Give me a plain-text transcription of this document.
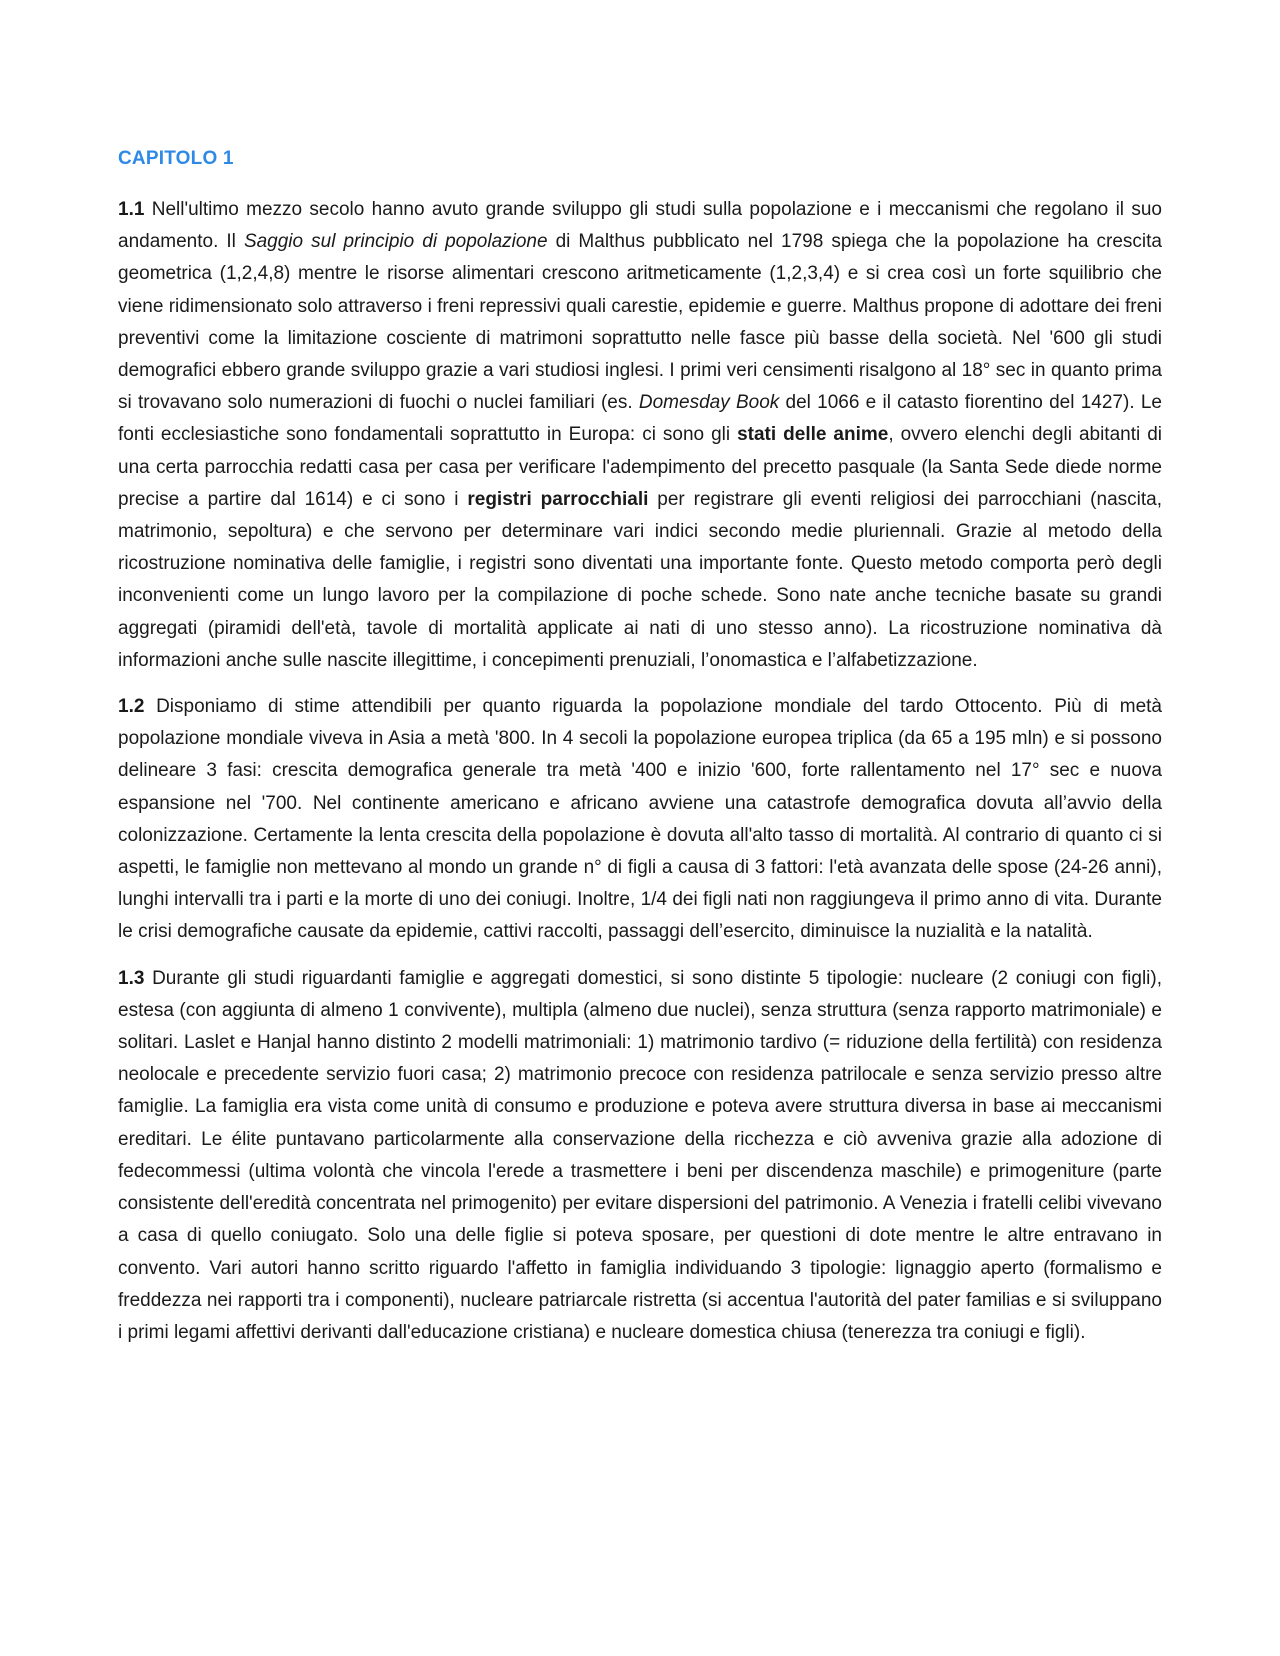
CAPITOLO 1

1.1 Nell'ultimo mezzo secolo hanno avuto grande sviluppo gli studi sulla popolazione e i meccanismi che regolano il suo andamento. Il Saggio sul principio di popolazione di Malthus pubblicato nel 1798 spiega che la popolazione ha crescita geometrica (1,2,4,8) mentre le risorse alimentari crescono aritmeticamente (1,2,3,4) e si crea così un forte squilibrio che viene ridimensionato solo attraverso i freni repressivi quali carestie, epidemie e guerre. Malthus propone di adottare dei freni preventivi come la limitazione cosciente di matrimoni soprattutto nelle fasce più basse della società. Nel '600 gli studi demografici ebbero grande sviluppo grazie a vari studiosi inglesi. I primi veri censimenti risalgono al 18° sec in quanto prima si trovavano solo numerazioni di fuochi o nuclei familiari (es. Domesday Book del 1066 e il catasto fiorentino del 1427). Le fonti ecclesiastiche sono fondamentali soprattutto in Europa: ci sono gli stati delle anime, ovvero elenchi degli abitanti di una certa parrocchia redatti casa per casa per verificare l'adempimento del precetto pasquale (la Santa Sede diede norme precise a partire dal 1614) e ci sono i registri parrocchiali per registrare gli eventi religiosi dei parrocchiani (nascita, matrimonio, sepoltura) e che servono per determinare vari indici secondo medie pluriennali. Grazie al metodo della ricostruzione nominativa delle famiglie, i registri sono diventati una importante fonte. Questo metodo comporta però degli inconvenienti come un lungo lavoro per la compilazione di poche schede. Sono nate anche tecniche basate su grandi aggregati (piramidi dell'età, tavole di mortalità applicate ai nati di uno stesso anno). La ricostruzione nominativa dà informazioni anche sulle nascite illegittime, i concepimenti prenuziali, l’onomastica e l’alfabetizzazione.

1.2 Disponiamo di stime attendibili per quanto riguarda la popolazione mondiale del tardo Ottocento. Più di metà popolazione mondiale viveva in Asia a metà '800. In 4 secoli la popolazione europea triplica (da 65 a 195 mln) e si possono delineare 3 fasi: crescita demografica generale tra metà '400 e inizio '600, forte rallentamento nel 17° sec e nuova espansione nel '700. Nel continente americano e africano avviene una catastrofe demografica dovuta all’avvio della colonizzazione. Certamente la lenta crescita della popolazione è dovuta all'alto tasso di mortalità. Al contrario di quanto ci si aspetti, le famiglie non mettevano al mondo un grande n° di figli a causa di 3 fattori: l'età avanzata delle spose (24-26 anni), lunghi intervalli tra i parti e la morte di uno dei coniugi. Inoltre, 1/4 dei figli nati non raggiungeva il primo anno di vita. Durante le crisi demografiche causate da epidemie, cattivi raccolti, passaggi dell’esercito, diminuisce la nuzialità e la natalità.

1.3 Durante gli studi riguardanti famiglie e aggregati domestici, si sono distinte 5 tipologie: nucleare (2 coniugi con figli), estesa (con aggiunta di almeno 1 convivente), multipla (almeno due nuclei), senza struttura (senza rapporto matrimoniale) e solitari. Laslet e Hanjal hanno distinto 2 modelli matrimoniali: 1) matrimonio tardivo (= riduzione della fertilità) con residenza neolocale e precedente servizio fuori casa; 2) matrimonio precoce con residenza patrilocale e senza servizio presso altre famiglie. La famiglia era vista come unità di consumo e produzione e poteva avere struttura diversa in base ai meccanismi ereditari. Le élite puntavano particolarmente alla conservazione della ricchezza e ciò avveniva grazie alla adozione di fedecommessi (ultima volontà che vincola l'erede a trasmettere i beni per discendenza maschile) e primogeniture (parte consistente dell'eredità concentrata nel primogenito) per evitare dispersioni del patrimonio. A Venezia i fratelli celibi vivevano a casa di quello coniugato. Solo una delle figlie si poteva sposare, per questioni di dote mentre le altre entravano in convento. Vari autori hanno scritto riguardo l'affetto in famiglia individuando 3 tipologie: lignaggio aperto (formalismo e freddezza nei rapporti tra i componenti), nucleare patriarcale ristretta (si accentua l'autorità del pater familias e si sviluppano i primi legami affettivi derivanti dall'educazione cristiana) e nucleare domestica chiusa (tenerezza tra coniugi e figli).
